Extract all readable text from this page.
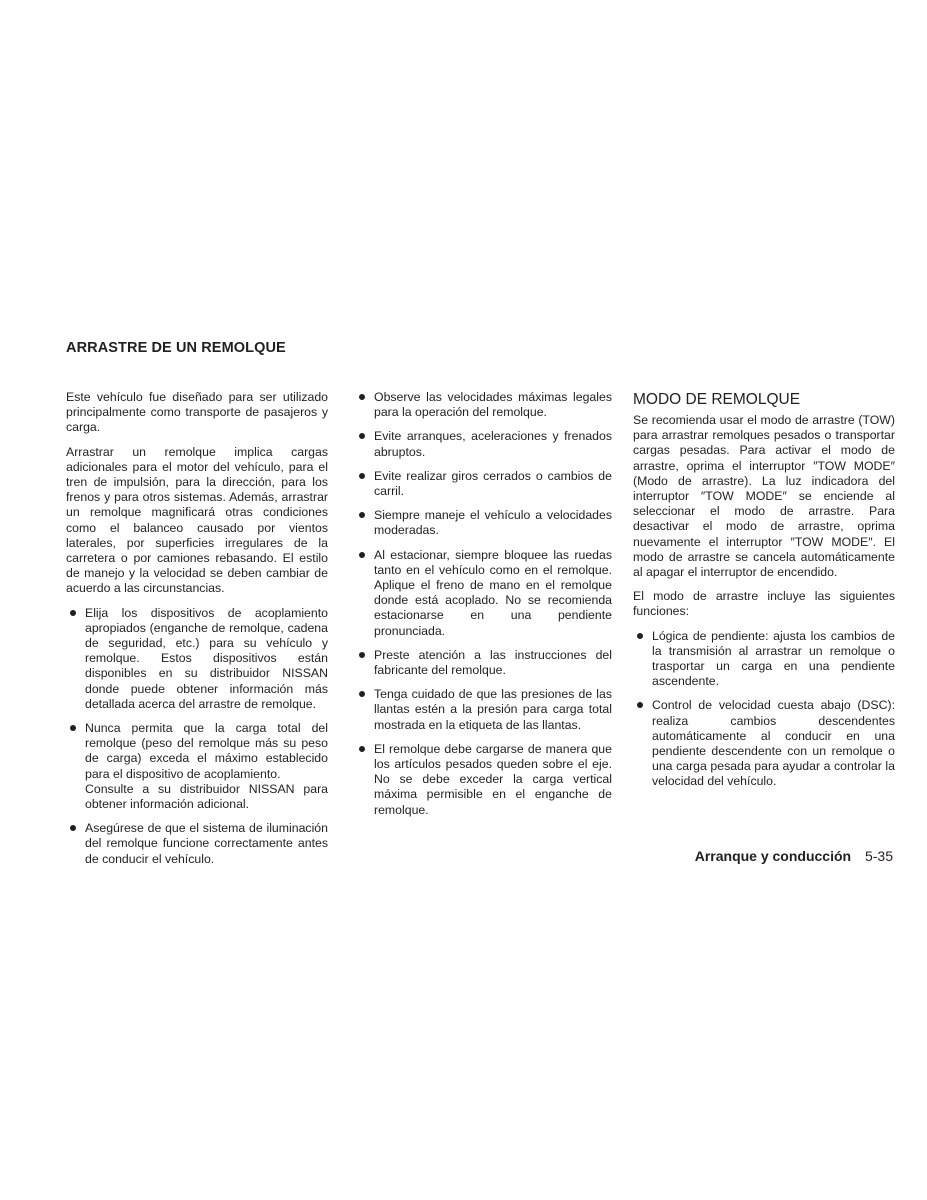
ARRASTRE DE UN REMOLQUE

Este vehículo fue diseñado para ser utilizado principalmente como transporte de pasajeros y carga.

Arrastrar un remolque implica cargas adicionales para el motor del vehículo, para el tren de impulsión, para la dirección, para los frenos y para otros sistemas. Además, arrastrar un remolque magnificará otras condiciones como el balanceo causado por vientos laterales, por superficies irregulares de la carretera o por camiones rebasando. El estilo de manejo y la velocidad se deben cambiar de acuerdo a las circunstancias.

Elija los dispositivos de acoplamiento apropiados (enganche de remolque, cadena de seguridad, etc.) para su vehículo y remolque. Estos dispositivos están disponibles en su distribuidor NISSAN donde puede obtener información más detallada acerca del arrastre de remolque.
Nunca permita que la carga total del remolque (peso del remolque más su peso de carga) exceda el máximo establecido para el dispositivo de acoplamiento.
Consulte a su distribuidor NISSAN para obtener información adicional.
Asegúrese de que el sistema de iluminación del remolque funcione correctamente antes de conducir el vehículo.
Observe las velocidades máximas legales para la operación del remolque.
Evite arranques, aceleraciones y frenados abruptos.
Evite realizar giros cerrados o cambios de carril.
Siempre maneje el vehículo a velocidades moderadas.
Al estacionar, siempre bloquee las ruedas tanto en el vehículo como en el remolque. Aplique el freno de mano en el remolque donde está acoplado. No se recomienda estacionarse en una pendiente pronunciada.
Preste atención a las instrucciones del fabricante del remolque.
Tenga cuidado de que las presiones de las llantas estén a la presión para carga total mostrada en la etiqueta de las llantas.
El remolque debe cargarse de manera que los artículos pesados queden sobre el eje. No se debe exceder la carga vertical máxima permisible en el enganche de remolque.
MODO DE REMOLQUE

Se recomienda usar el modo de arrastre (TOW) para arrastrar remolques pesados o transportar cargas pesadas. Para activar el modo de arrastre, oprima el interruptor ″TOW MODE″ (Modo de arrastre). La luz indicadora del interruptor ″TOW MODE″ se enciende al seleccionar el modo de arrastre. Para desactivar el modo de arrastre, oprima nuevamente el interruptor ″TOW MODE″. El modo de arrastre se cancela automáticamente al apagar el interruptor de encendido.

El modo de arrastre incluye las siguientes funciones:

Lógica de pendiente: ajusta los cambios de la transmisión al arrastrar un remolque o trasportar un carga en una pendiente ascendente.
Control de velocidad cuesta abajo (DSC): realiza cambios descendentes automáticamente al conducir en una pendiente descendente con un remolque o una carga pesada para ayudar a controlar la velocidad del vehículo.
Arranque y conducción 5-35
